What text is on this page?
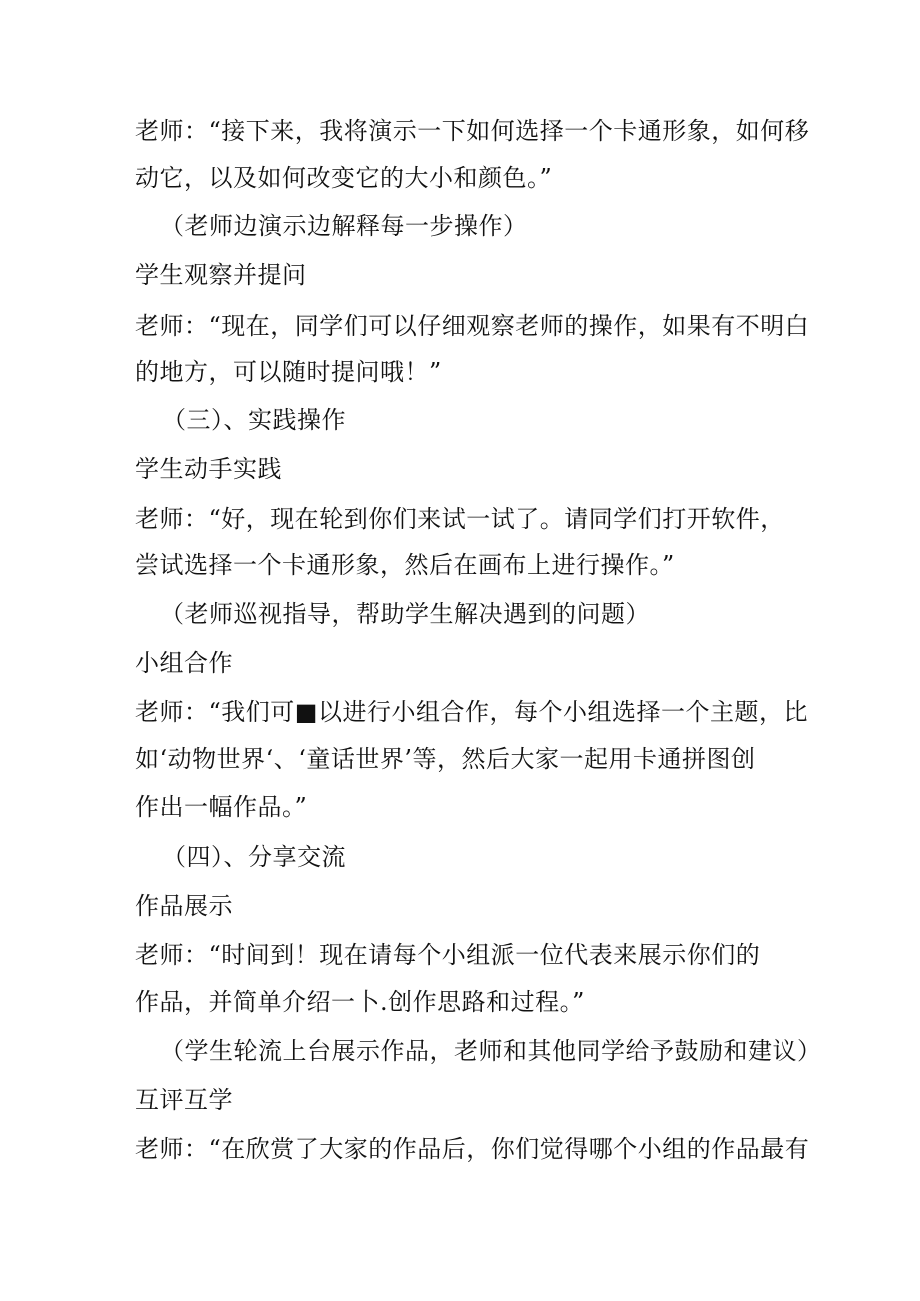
老师：“接下来，我将演示一下如何选择一个卡通形象，如何移
动它，以及如何改变它的大小和颜色。”
（老师边演示边解释每一步操作）
学生观察并提问
老师：“现在，同学们可以仔细观察老师的操作，如果有不明白
的地方，可以随时提问哦！”
（三）、实践操作
学生动手实践
老师：“好，现在轮到你们来试一试了。请同学们打开软件，
尝试选择一个卡通形象，然后在画布上进行操作。”
（老师巡视指导，帮助学生解决遇到的问题）
小组合作
老师：“我们可■以进行小组合作，每个小组选择一个主题，比
如‘动物世界‘、‘童话世界’等，然后大家一起用卡通拼图创
作出一幅作品。”
（四）、分享交流
作品展示
老师：“时间到！现在请每个小组派一位代表来展示你们的
作品，并简单介绍一卜.创作思路和过程。”
（学生轮流上台展示作品，老师和其他同学给予鼓励和建议）
互评互学
老师：“在欣赏了大家的作品后，你们觉得哪个小组的作品最有
